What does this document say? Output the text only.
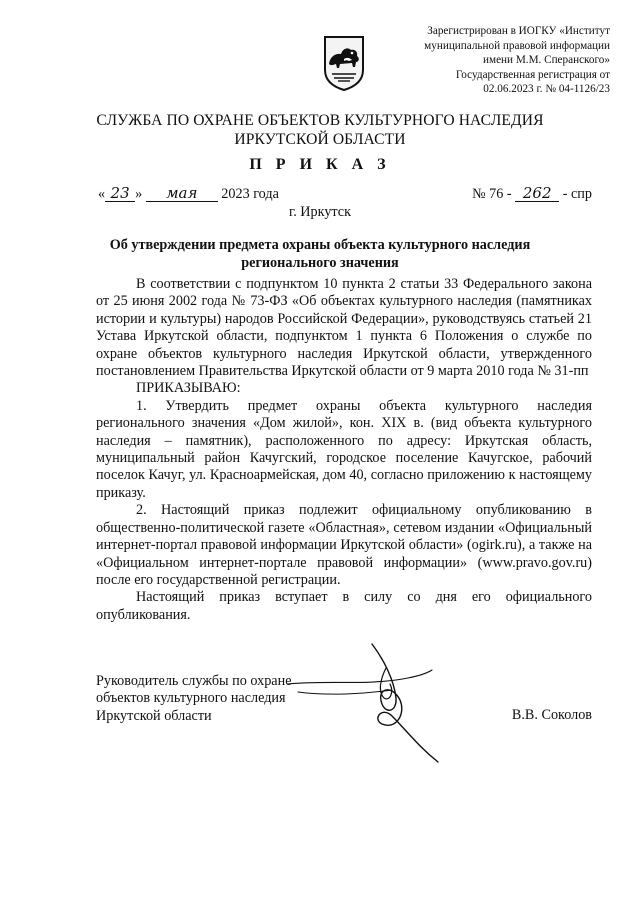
Зарегистрирован в ИОГКУ «Институт
муниципальной правовой информации
имени М.М. Сперанского»
Государственная регистрация от
02.06.2023 г. № 04-1126/23
СЛУЖБА ПО ОХРАНЕ ОБЪЕКТОВ КУЛЬТУРНОГО НАСЛЕДИЯ
ИРКУТСКОЙ ОБЛАСТИ
П Р И К А З
« 23 » мая 2023 года	№ 76 - 262 - спр
г. Иркутск
Об утверждении предмета охраны объекта культурного наследия
регионального значения

В соответствии с подпунктом 10 пункта 2 статьи 33 Федерального закона от 25 июня 2002 года № 73-ФЗ «Об объектах культурного наследия (памятниках истории и культуры) народов Российской Федерации», руководствуясь статьей 21 Устава Иркутской области, подпунктом 1 пункта 6 Положения о службе по охране объектов культурного наследия Иркутской области, утвержденного постановлением Правительства Иркутской области от 9 марта 2010 года № 31-пп

ПРИКАЗЫВАЮ:

1. Утвердить предмет охраны объекта культурного наследия регионального значения «Дом жилой», кон. XIX в. (вид объекта культурного наследия – памятник), расположенного по адресу: Иркутская область, муниципальный район Качугский, городское поселение Качугское, рабочий поселок Качуг, ул. Красноармейская, дом 40, согласно приложению к настоящему приказу.

2. Настоящий приказ подлежит официальному опубликованию в общественно-политической газете «Областная», сетевом издании «Официальный интернет-портал правовой информации Иркутской области» (ogirk.ru), а также на «Официальном интернет-портале правовой информации» (www.pravo.gov.ru) после его государственной регистрации.

Настоящий приказ вступает в силу со дня его официального опубликования.

Руководитель службы по охране
объектов культурного наследия
Иркутской области	В.В. Соколов
